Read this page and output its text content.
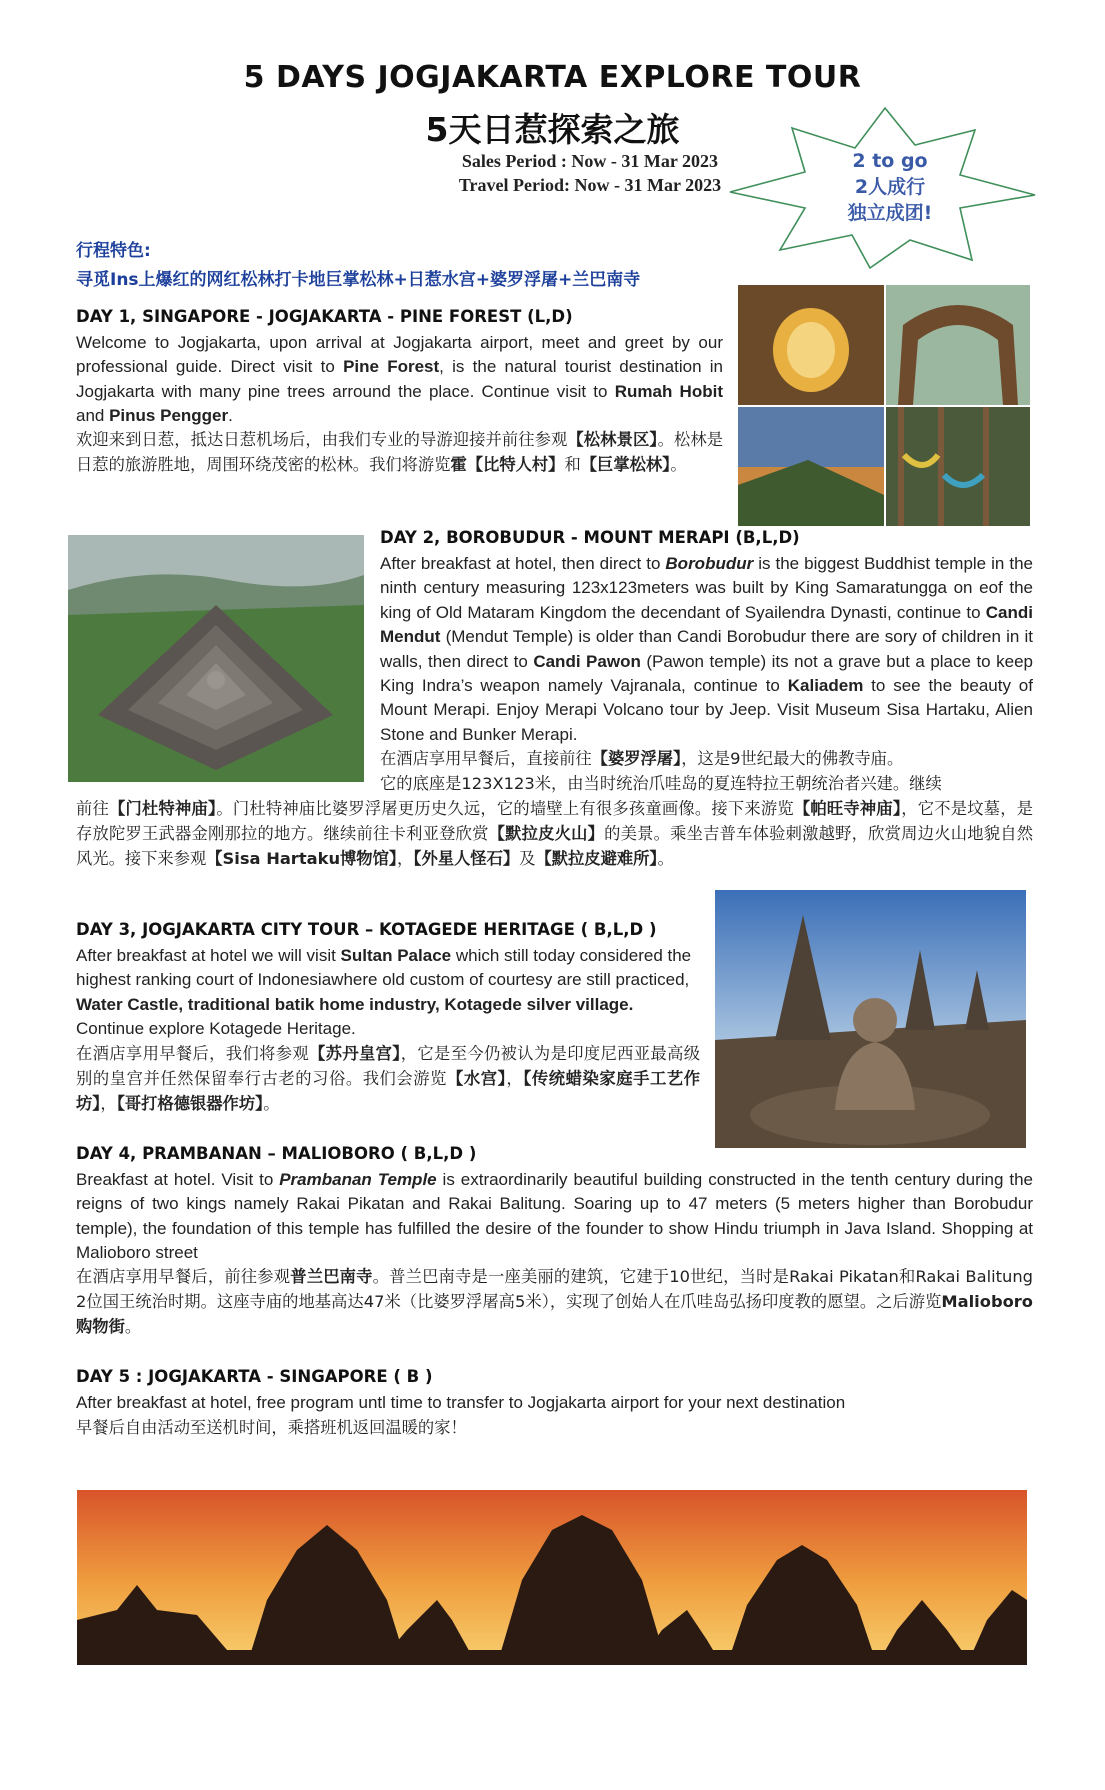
5 DAYS JOGJAKARTA EXPLORE TOUR
5天日惹探索之旅
Sales Period : Now - 31 Mar 2023
Travel Period: Now - 31 Mar 2023
2 to go
2人成行
独立成团!
行程特色:
寻觅Ins上爆红的网红松林打卡地巨掌松林+日惹水宫+婆罗浮屠+兰巴南寺
DAY 1, SINGAPORE - JOGJAKARTA - PINE FOREST (L,D)
Welcome to Jogjakarta, upon arrival at Jogjakarta airport, meet and greet by our professional guide. Direct visit to Pine Forest, is the natural tourist destination in Jogjakarta with many pine trees arround the place. Continue visit to Rumah Hobit and Pinus Pengger.
欢迎来到日惹，抵达日惹机场后，由我们专业的导游迎接并前往参观【松林景区】。松林是日惹的旅游胜地，周围环绕茂密的松林。我们将游览霍【比特人村】和【巨掌松林】。
DAY 2, BOROBUDUR - MOUNT MERAPI (B,L,D)
After breakfast at hotel, then direct to Borobudur is the biggest Buddhist temple in the ninth century measuring 123x123meters was built by King Samaratungga on eof the king of Old Mataram Kingdom the decendant of Syailendra Dynasti, continue to Candi Mendut (Mendut Temple) is older than Candi Borobudur there are sory of children in it walls, then direct to Candi Pawon (Pawon temple) its not a grave but a place to keep King Indra’s weapon namely Vajranala, continue to Kaliadem to see the beauty of Mount Merapi. Enjoy Merapi Volcano tour by Jeep. Visit Museum Sisa Hartaku, Alien Stone and Bunker Merapi.
在酒店享用早餐后，直接前往【婆罗浮屠】，这是9世纪最大的佛教寺庙。
它的底座是123X123米，由当时统治爪哇岛的夏连特拉王朝统治者兴建。继续
前往【门杜特神庙】。门杜特神庙比婆罗浮屠更历史久远，它的墙壁上有很多孩童画像。接下来游览【帕旺寺神庙】，它不是坟墓，是存放陀罗王武器金刚那拉的地方。继续前往卡利亚登欣赏【默拉皮火山】的美景。乘坐吉普车体验刺激越野，欣赏周边火山地貌自然风光。接下来参观【Sisa Hartaku博物馆】，【外星人怪石】及【默拉皮避难所】。
DAY 3, JOGJAKARTA CITY TOUR – KOTAGEDE HERITAGE ( B,L,D )
After breakfast at hotel we will visit Sultan Palace which still today considered the highest ranking court of Indonesiawhere old custom of courtesy are still practiced, Water Castle, traditional batik home industry, Kotagede silver village. Continue explore Kotagede Heritage.
在酒店享用早餐后，我们将参观【苏丹皇宫】，它是至今仍被认为是印度尼西亚最高级别的皇宫并任然保留奉行古老的习俗。我们会游览【水宫】，【传统蜡染家庭手工艺作坊】，【哥打格德银器作坊】。
DAY 4, PRAMBANAN – MALIOBORO ( B,L,D )
Breakfast at hotel. Visit to Prambanan Temple is extraordinarily beautiful building constructed in the tenth century during the reigns of two kings namely Rakai Pikatan and Rakai Balitung. Soaring up to 47 meters (5 meters higher than Borobudur temple), the foundation of this temple has fulfilled the desire of the founder to show Hindu triumph in Java Island. Shopping at Malioboro street
在酒店享用早餐后，前往参观普兰巴南寺。普兰巴南寺是一座美丽的建筑，它建于10世纪，当时是Rakai Pikatan和Rakai Balitung 2位国王统治时期。这座寺庙的地基高达47米（比婆罗浮屠高5米），实现了创始人在爪哇岛弘扬印度教的愿望。之后游览Malioboro购物街。
DAY 5 : JOGJAKARTA - SINGAPORE ( B )
After breakfast at hotel, free program untl time to transfer to Jogjakarta airport for your next destination
早餐后自由活动至送机时间，乘搭班机返回温暖的家！
